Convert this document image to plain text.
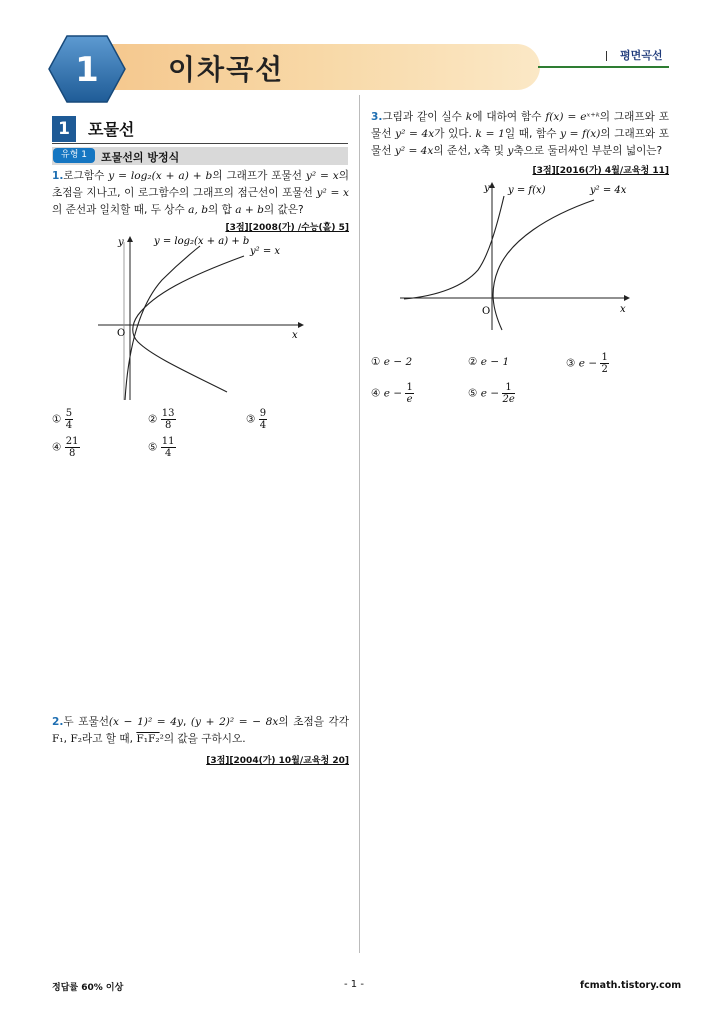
1 이차곡선	평면곡선
1	포물선
유형 1	포물선의 방정식
1.로그함수 y = log₂(x + a) + b의 그래프가 포물선 y² = x의 초점을 지나고, 이 로그함수의 그래프의 점근선이 포물선 y² = x의 준선과 일치할 때, 두 상수 a, b의 합 a + b의 값은?
[3점][2008(가) /수능(홀) 5]
y = log₂(x + a) + b
y² = x
x
y
O
① $\frac{5}{4}$	② $\frac{13}{8}$	③ $\frac{9}{4}$
④ $\frac{21}{8}$	⑤ $\frac{11}{4}$
2.두 포물선(x − 1)² = 4y, (y + 2)² = − 8x의 초점을 각각 F₁, F₂라고 할 때, F₁F₂²의 값을 구하시오.
[3점][2004(가) 10월/교육청 20]
3.그림과 같이 실수 k에 대하여 함수 f(x) = eˣ⁺ᵏ의 그래프와 포물선 y² = 4x가 있다. k = 1일 때, 함수 y = f(x)의 그래프와 포물선 y² = 4x의 준선, x축 및 y축으로 둘러싸인 부분의 넓이는?
[3점][2016(가) 4월/교육청 11]
y = f(x)	y² = 4x
x
y
O
① e − 2	② e − 1	③ $e - \frac{1}{2}$
④ $e - \frac{1}{e}$	⑤ $e - \frac{1}{2e}$
정답률 60% 이상	- 1 -	fcmath.tistory.com
